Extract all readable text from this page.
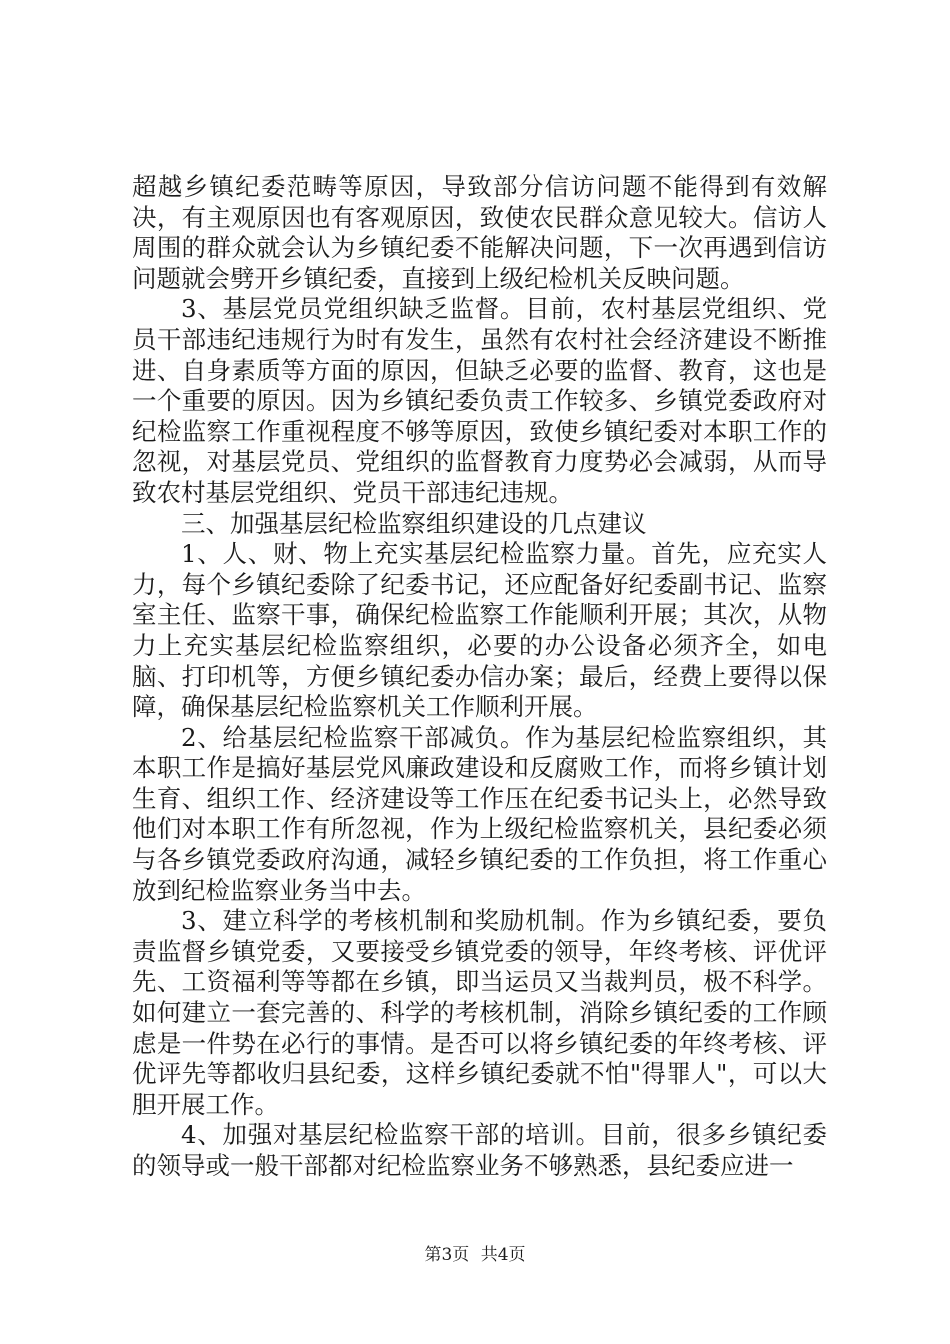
超越乡镇纪委范畴等原因，导致部分信访问题不能得到有效解决，有主观原因也有客观原因，致使农民群众意见较大。信访人周围的群众就会认为乡镇纪委不能解决问题，下一次再遇到信访问题就会劈开乡镇纪委，直接到上级纪检机关反映问题。

3、基层党员党组织缺乏监督。目前，农村基层党组织、党员干部违纪违规行为时有发生，虽然有农村社会经济建设不断推进、自身素质等方面的原因，但缺乏必要的监督、教育，这也是一个重要的原因。因为乡镇纪委负责工作较多、乡镇党委政府对纪检监察工作重视程度不够等原因，致使乡镇纪委对本职工作的忽视，对基层党员、党组织的监督教育力度势必会减弱，从而导致农村基层党组织、党员干部违纪违规。

三、加强基层纪检监察组织建设的几点建议

1、人、财、物上充实基层纪检监察力量。首先，应充实人力，每个乡镇纪委除了纪委书记，还应配备好纪委副书记、监察室主任、监察干事，确保纪检监察工作能顺利开展；其次，从物力上充实基层纪检监察组织，必要的办公设备必须齐全，如电脑、打印机等，方便乡镇纪委办信办案；最后，经费上要得以保障，确保基层纪检监察机关工作顺利开展。

2、给基层纪检监察干部减负。作为基层纪检监察组织，其本职工作是搞好基层党风廉政建设和反腐败工作，而将乡镇计划生育、组织工作、经济建设等工作压在纪委书记头上，必然导致他们对本职工作有所忽视，作为上级纪检监察机关，县纪委必须与各乡镇党委政府沟通，减轻乡镇纪委的工作负担，将工作重心放到纪检监察业务当中去。

3、建立科学的考核机制和奖励机制。作为乡镇纪委，要负责监督乡镇党委，又要接受乡镇党委的领导，年终考核、评优评先、工资福利等等都在乡镇，即当运员又当裁判员，极不科学。如何建立一套完善的、科学的考核机制，消除乡镇纪委的工作顾虑是一件势在必行的事情。是否可以将乡镇纪委的年终考核、评优评先等都收归县纪委，这样乡镇纪委就不怕"得罪人"，可以大胆开展工作。

4、加强对基层纪检监察干部的培训。目前，很多乡镇纪委的领导或一般干部都对纪检监察业务不够熟悉，县纪委应进一

第3页 共4页
